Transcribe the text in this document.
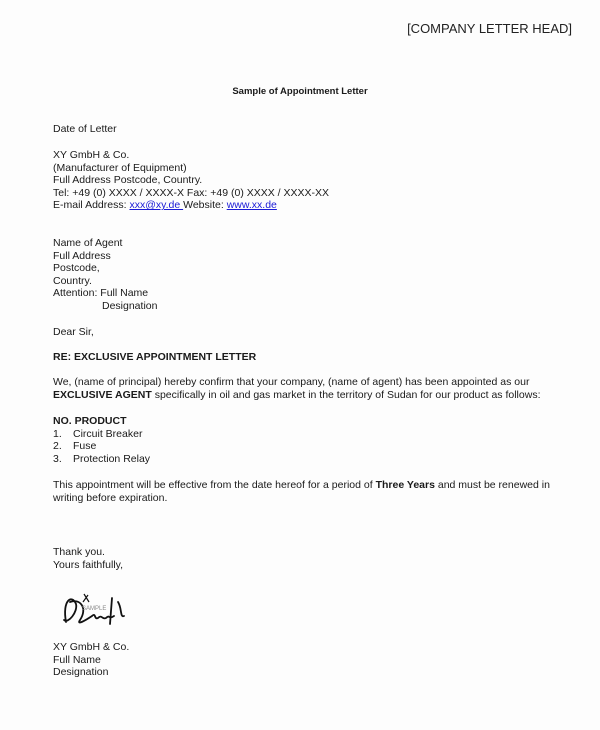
[COMPANY LETTER HEAD]
Sample of Appointment Letter
Date of Letter
XY GmbH & Co.
(Manufacturer of Equipment)
Full Address Postcode, Country.
Tel: +49 (0) XXXX / XXXX-X Fax: +49 (0) XXXX / XXXX-XX
E-mail Address: xxx@xy.de Website: www.xx.de
Name of Agent
Full Address
Postcode,
Country.
Attention: Full Name
Designation
Dear Sir,
RE: EXCLUSIVE APPOINTMENT LETTER
We, (name of principal) hereby confirm that your company, (name of agent) has been appointed as our
EXCLUSIVE AGENT specifically in oil and gas market in the territory of Sudan for our product as follows:
NO. PRODUCT
1. Circuit Breaker
2. Fuse
3. Protection Relay
This appointment will be effective from the date hereof for a period of Three Years and must be renewed in
writing before expiration.
Thank you.
Yours faithfully,
SAMPLE
XY GmbH & Co.
Full Name
Designation
